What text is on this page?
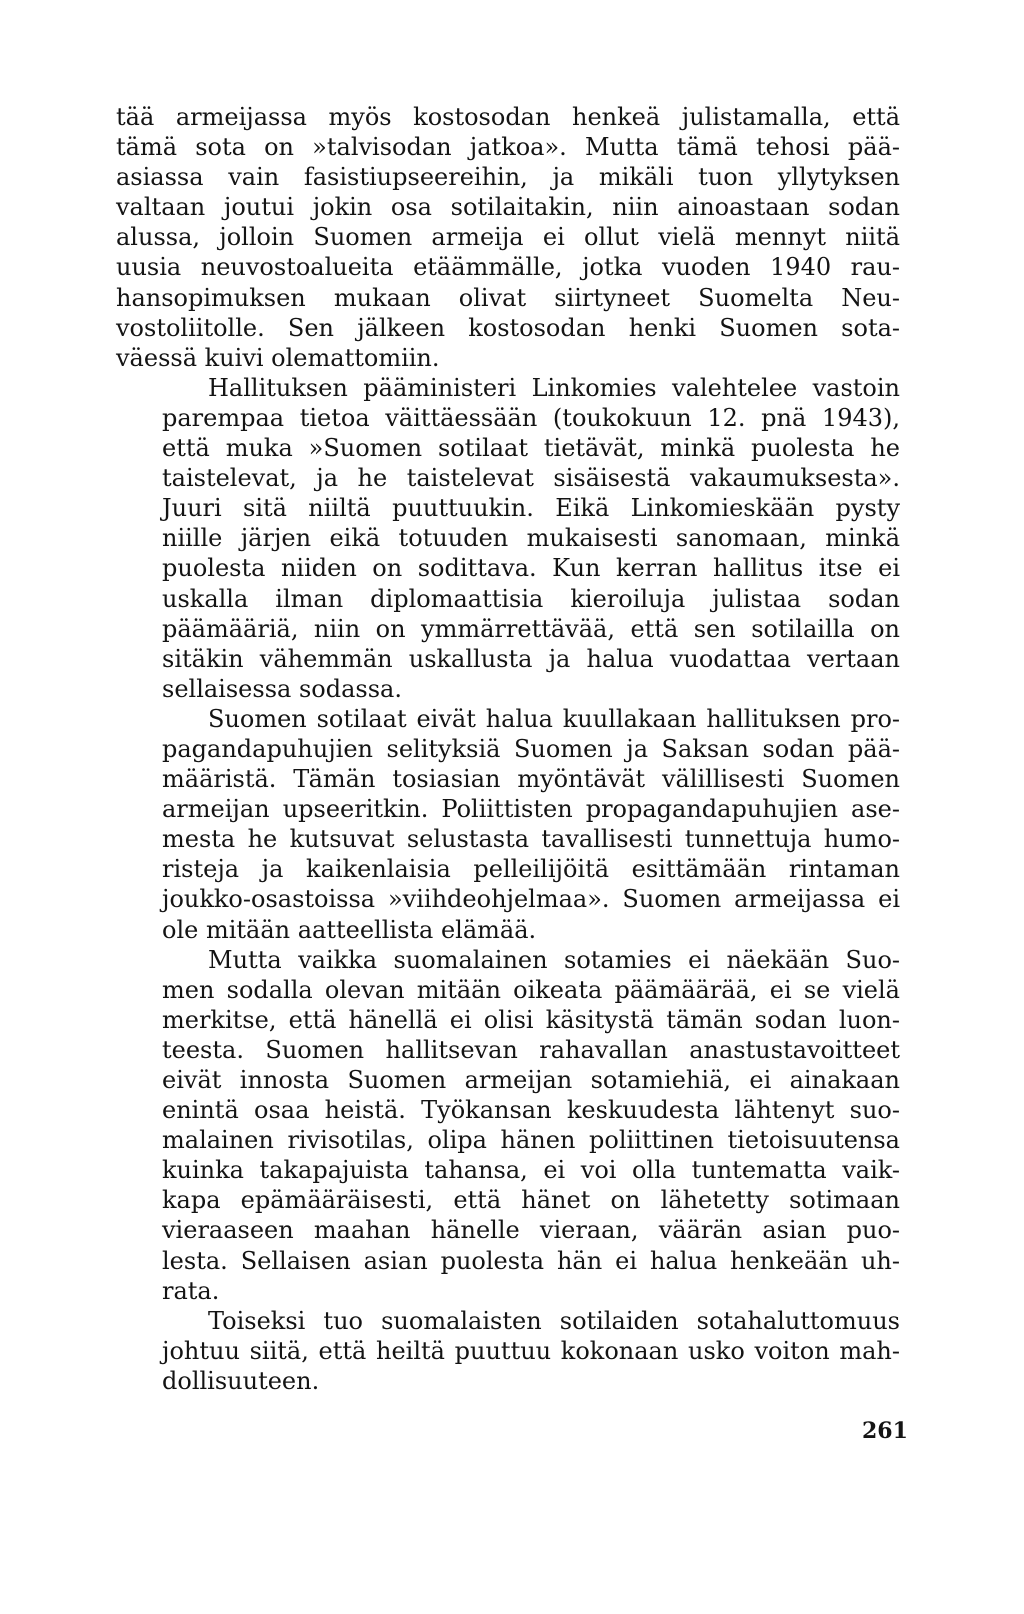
tää armeijassa myös kostosodan henkeä julistamalla, että
tämä sota on »talvisodan jatkoa». Mutta tämä tehosi pää-
asiassa vain fasistiupseereihin, ja mikäli tuon yllytyksen
valtaan joutui jokin osa sotilaitakin, niin ainoastaan sodan
alussa, jolloin Suomen armeija ei ollut vielä mennyt niitä
uusia neuvostoalueita etäämmälle, jotka vuoden 1940 rau-
hansopimuksen mukaan olivat siirtyneet Suomelta Neu-
vostoliitolle. Sen jälkeen kostosodan henki Suomen sota-
väessä kuivi olemattomiin.
Hallituksen pääministeri Linkomies valehtelee vastoin
parempaa tietoa väittäessään (toukokuun 12. pnä 1943),
että muka »Suomen sotilaat tietävät, minkä puolesta he
taistelevat, ja he taistelevat sisäisestä vakaumuksesta».
Juuri sitä niiltä puuttuukin. Eikä Linkomieskään pysty
niille järjen eikä totuuden mukaisesti sanomaan, minkä
puolesta niiden on sodittava. Kun kerran hallitus itse ei
uskalla ilman diplomaattisia kieroiluja julistaa sodan
päämääriä, niin on ymmärrettävää, että sen sotilailla on
sitäkin vähemmän uskallusta ja halua vuodattaa vertaan
sellaisessa sodassa.
Suomen sotilaat eivät halua kuullakaan hallituksen pro-
pagandapuhujien selityksiä Suomen ja Saksan sodan pää-
määristä. Tämän tosiasian myöntävät välillisesti Suomen
armeijan upseeritkin. Poliittisten propagandapuhujien ase-
mesta he kutsuvat selustasta tavallisesti tunnettuja humo-
risteja ja kaikenlaisia pelleilijöitä esittämään rintaman
joukko-osastoissa »viihdeohjelmaa». Suomen armeijassa ei
ole mitään aatteellista elämää.
Mutta vaikka suomalainen sotamies ei näekään Suo-
men sodalla olevan mitään oikeata päämäärää, ei se vielä
merkitse, että hänellä ei olisi käsitystä tämän sodan luon-
teesta. Suomen hallitsevan rahavallan anastustavoitteet
eivät innosta Suomen armeijan sotamiehiä, ei ainakaan
enintä osaa heistä. Työkansan keskuudesta lähtenyt suo-
malainen rivisotilas, olipa hänen poliittinen tietoisuutensa
kuinka takapajuista tahansa, ei voi olla tuntematta vaik-
kapa epämääräisesti, että hänet on lähetetty sotimaan
vieraaseen maahan hänelle vieraan, väärän asian puo-
lesta. Sellaisen asian puolesta hän ei halua henkeään uh-
rata.
Toiseksi tuo suomalaisten sotilaiden sotahaluttomuus
johtuu siitä, että heiltä puuttuu kokonaan usko voiton mah-
dollisuuteen.
261
